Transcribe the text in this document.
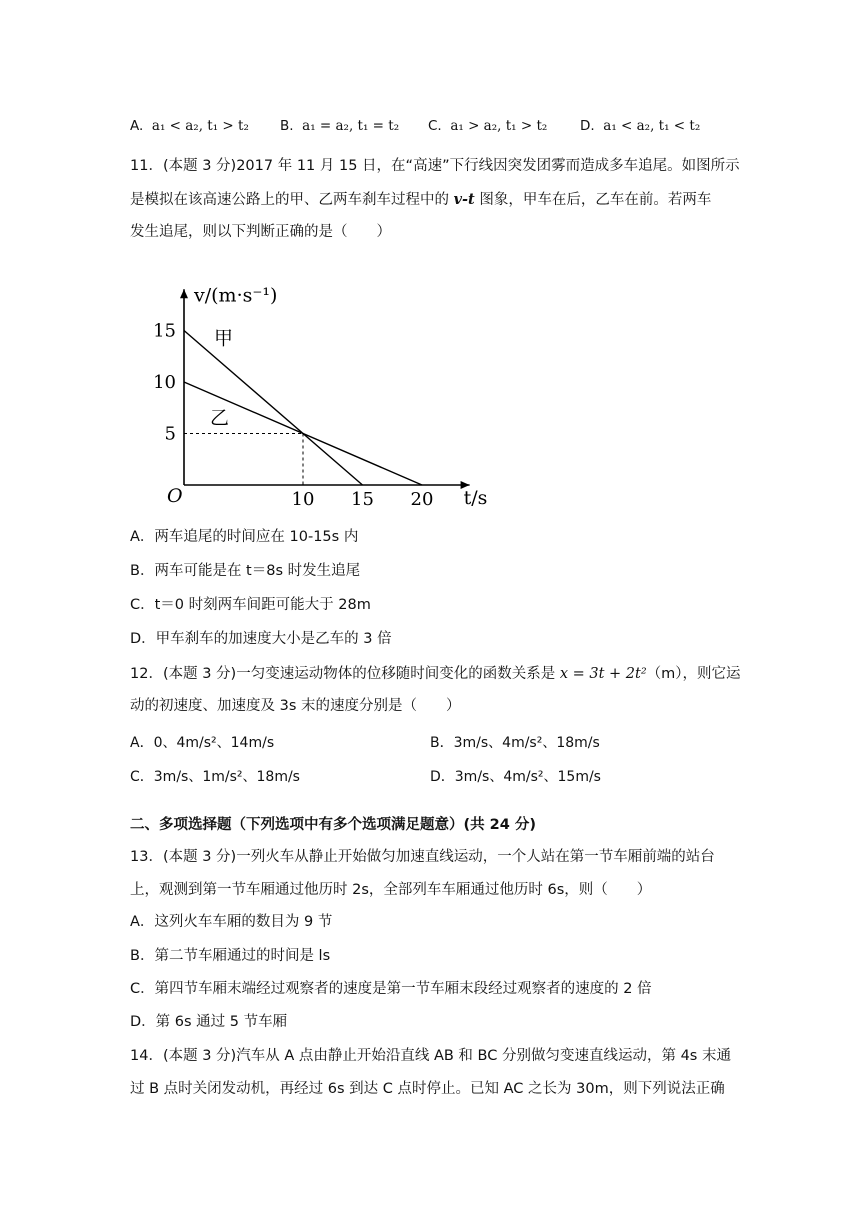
A. a₁ < a₂, t₁ > t₂ B. a₁ = a₂, t₁ = t₂ C. a₁ > a₂, t₁ > t₂ D. a₁ < a₂, t₁ < t₂
11．(本题 3 分)2017 年 11 月 15 日，在“高速”下行线因突发团雾而造成多车追尾。如图所示
是模拟在该高速公路上的甲、乙两车刹车过程中的 v-t 图象，甲车在后，乙车在前。若两车
发生追尾，则以下判断正确的是（　　）
v/(m·s⁻¹)
t/s
O	10 15 20
5
10
15 甲
乙
A．两车追尾的时间应在 10-15s 内
B．两车可能是在 t＝8s 时发生追尾
C．t＝0 时刻两车间距可能大于 28m
D．甲车刹车的加速度大小是乙车的 3 倍
12．(本题 3 分)一匀变速运动物体的位移随时间变化的函数关系是 x = 3t + 2t²（m），则它运
动的初速度、加速度及 3s 末的速度分别是（　　）
A．0、4m/s²、14m/s	B．3m/s、4m/s²、18m/s
C．3m/s、1m/s²、18m/s	D．3m/s、4m/s²、15m/s
二、多项选择题（下列选项中有多个选项满足题意）(共 24 分)
13．(本题 3 分)一列火车从静止开始做匀加速直线运动，一个人站在第一节车厢前端的站台
上，观测到第一节车厢通过他历时 2s，全部列车车厢通过他历时 6s，则（　　）
A．这列火车车厢的数目为 9 节
B．第二节车厢通过的时间是 ls
C．第四节车厢末端经过观察者的速度是第一节车厢末段经过观察者的速度的 2 倍
D．第 6s 通过 5 节车厢
14．(本题 3 分)汽车从 A 点由静止开始沿直线 AB 和 BC 分别做匀变速直线运动，第 4s 末通
过 B 点时关闭发动机，再经过 6s 到达 C 点时停止。已知 AC 之长为 30m，则下列说法正确
